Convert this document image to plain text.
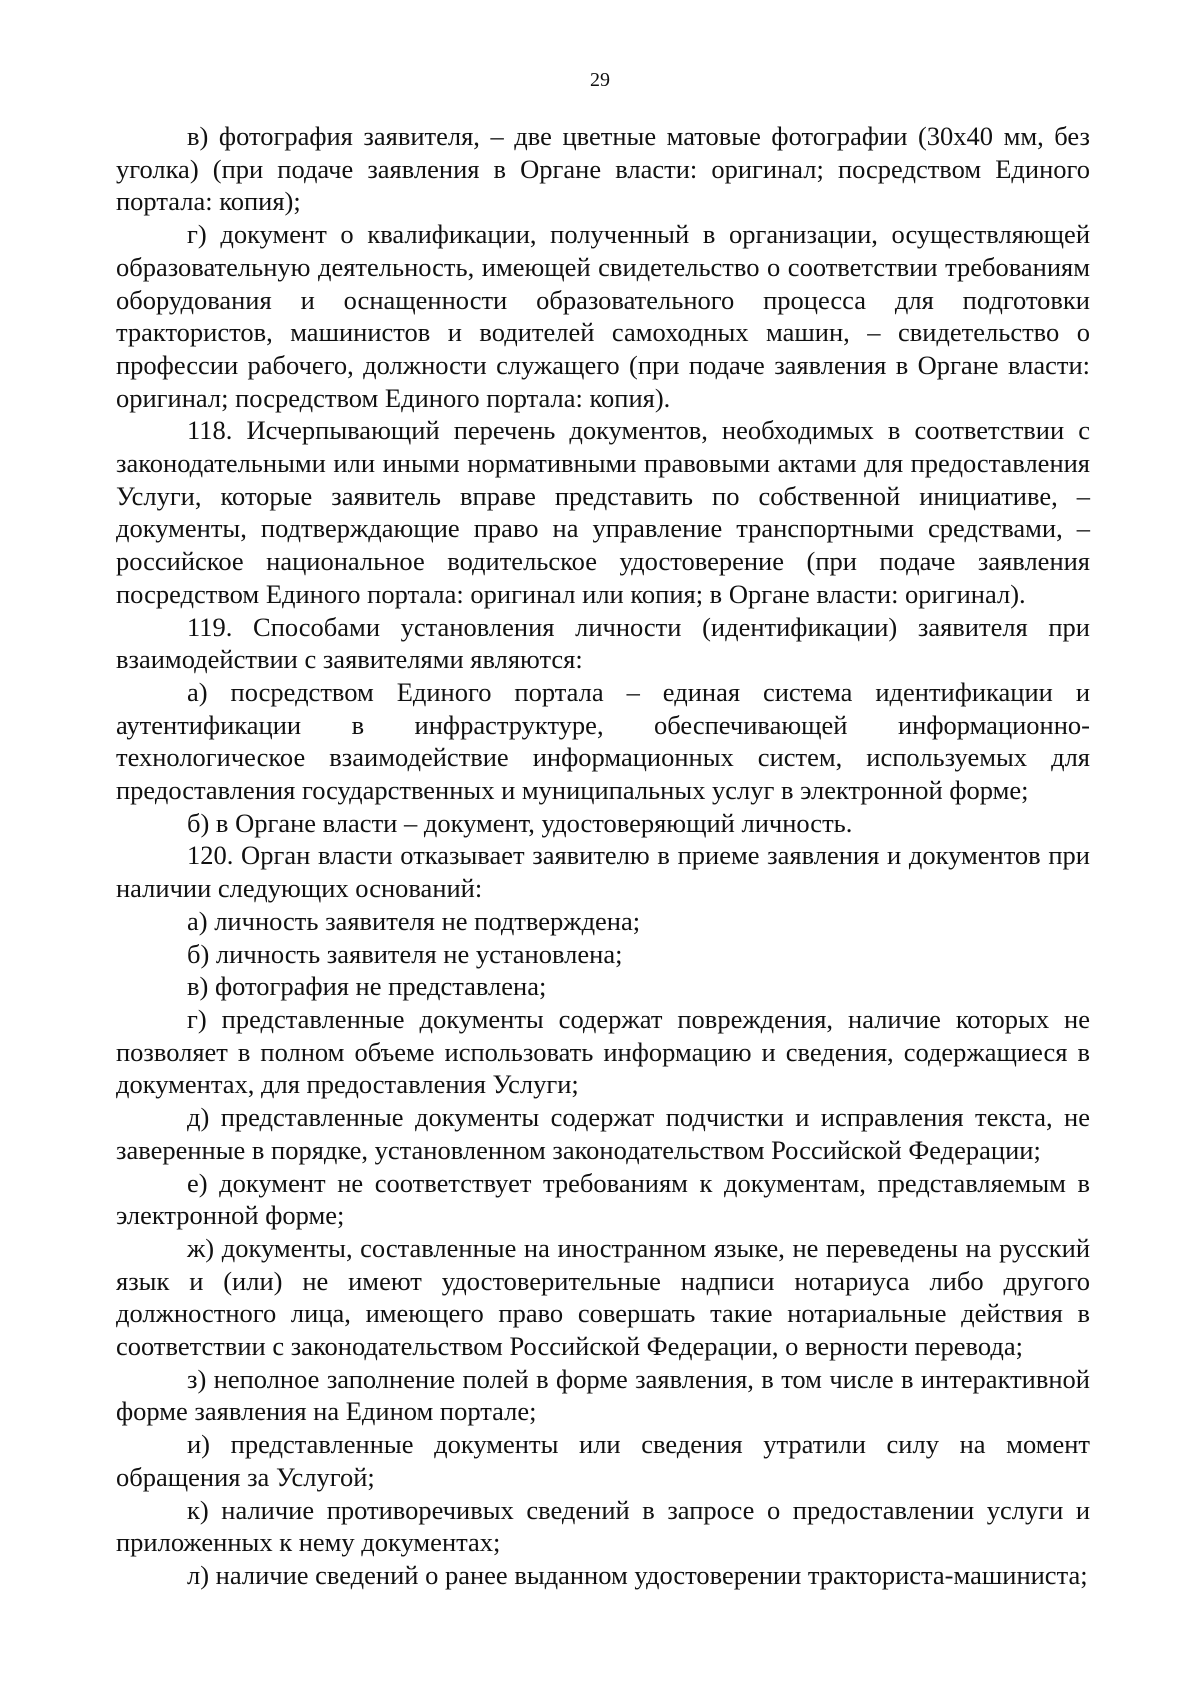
29

в) фотография заявителя, – две цветные матовые фотографии (30х40 мм, без уголка) (при подаче заявления в Органе власти: оригинал; посредством Единого портала: копия);

г) документ о квалификации, полученный в организации, осуществляющей образовательную деятельность, имеющей свидетельство о соответствии требованиям оборудования и оснащенности образовательного процесса для подготовки трактористов, машинистов и водителей самоходных машин, – свидетельство о профессии рабочего, должности служащего (при подаче заявления в Органе власти: оригинал; посредством Единого портала: копия).

118. Исчерпывающий перечень документов, необходимых в соответствии с законодательными или иными нормативными правовыми актами для предоставления Услуги, которые заявитель вправе представить по собственной инициативе, – документы, подтверждающие право на управление транспортными средствами, – российское национальное водительское удостоверение (при подаче заявления посредством Единого портала: оригинал или копия; в Органе власти: оригинал).

119. Способами установления личности (идентификации) заявителя при взаимодействии с заявителями являются:

а) посредством Единого портала – единая система идентификации и аутентификации в инфраструктуре, обеспечивающей информационно-технологическое взаимодействие информационных систем, используемых для предоставления государственных и муниципальных услуг в электронной форме;

б) в Органе власти – документ, удостоверяющий личность.

120. Орган власти отказывает заявителю в приеме заявления и документов при наличии следующих оснований:

а) личность заявителя не подтверждена;

б) личность заявителя не установлена;

в) фотография не представлена;

г) представленные документы содержат повреждения, наличие которых не позволяет в полном объеме использовать информацию и сведения, содержащиеся в документах, для предоставления Услуги;

д) представленные документы содержат подчистки и исправления текста, не заверенные в порядке, установленном законодательством Российской Федерации;

е) документ не соответствует требованиям к документам, представляемым в электронной форме;

ж) документы, составленные на иностранном языке, не переведены на русский язык и (или) не имеют удостоверительные надписи нотариуса либо другого должностного лица, имеющего право совершать такие нотариальные действия в соответствии с законодательством Российской Федерации, о верности перевода;

з) неполное заполнение полей в форме заявления, в том числе в интерактивной форме заявления на Едином портале;

и) представленные документы или сведения утратили силу на момент обращения за Услугой;

к) наличие противоречивых сведений в запросе о предоставлении услуги и приложенных к нему документах;

л) наличие сведений о ранее выданном удостоверении тракториста-машиниста;
